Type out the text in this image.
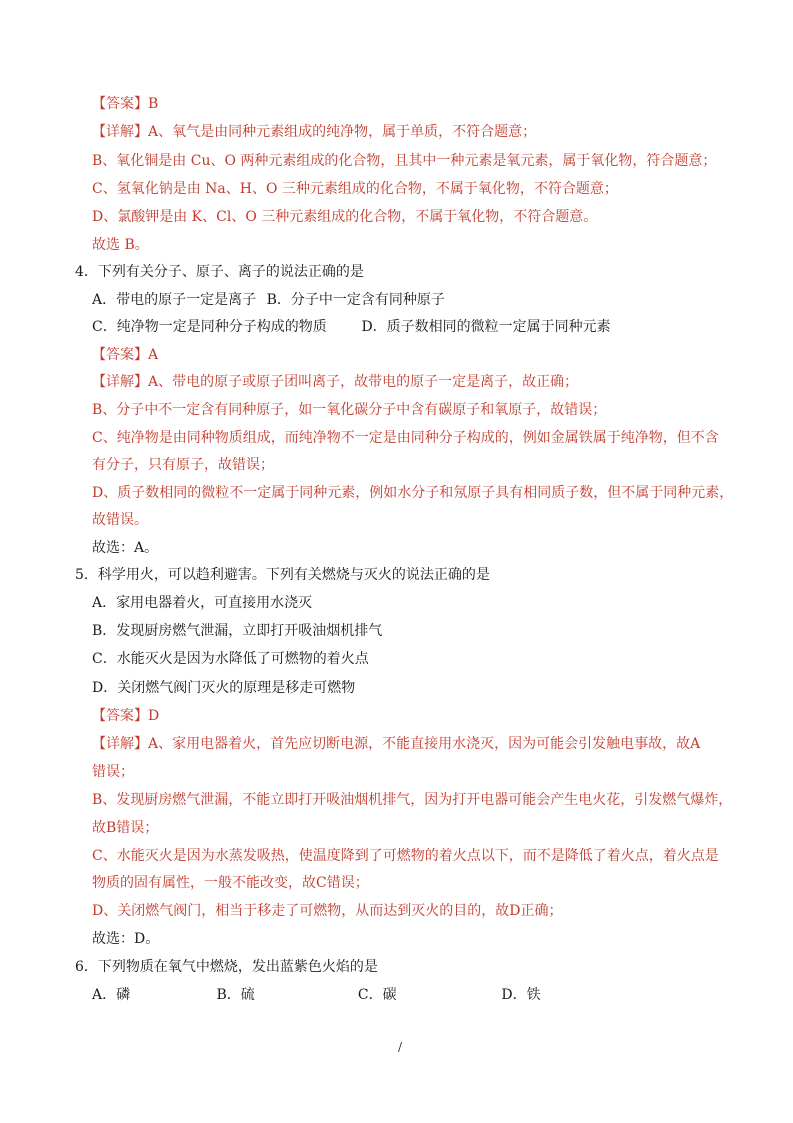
【答案】B
【详解】A、氧气是由同种元素组成的纯净物，属于单质，不符合题意；
B、氧化铜是由 Cu、O 两种元素组成的化合物，且其中一种元素是氧元素，属于氧化物，符合题意；
C、氢氧化钠是由 Na、H、O 三种元素组成的化合物，不属于氧化物，不符合题意；
D、氯酸钾是由 K、Cl、O 三种元素组成的化合物，不属于氧化物，不符合题意。
故选 B。
4．下列有关分子、原子、离子的说法正确的是
A．带电的原子一定是离子 B．分子中一定含有同种原子
C．纯净物一定是同种分子构成的物质 D．质子数相同的微粒一定属于同种元素
【答案】A
【详解】A、带电的原子或原子团叫离子，故带电的原子一定是离子，故正确；
B、分子中不一定含有同种原子，如一氧化碳分子中含有碳原子和氧原子，故错误；
C、纯净物是由同种物质组成，而纯净物不一定是由同种分子构成的，例如金属铁属于纯净物，但不含
有分子，只有原子，故错误；
D、质子数相同的微粒不一定属于同种元素，例如水分子和氖原子具有相同质子数，但不属于同种元素，
故错误。
故选：A。
5．科学用火，可以趋利避害。下列有关燃烧与灭火的说法正确的是
A．家用电器着火，可直接用水浇灭
B．发现厨房燃气泄漏，立即打开吸油烟机排气
C．水能灭火是因为水降低了可燃物的着火点
D．关闭燃气阀门灭火的原理是移走可燃物
【答案】D
【详解】A、家用电器着火，首先应切断电源，不能直接用水浇灭，因为可能会引发触电事故，故A
错误；
B、发现厨房燃气泄漏，不能立即打开吸油烟机排气，因为打开电器可能会产生电火花，引发燃气爆炸，
故B错误；
C、水能灭火是因为水蒸发吸热，使温度降到了可燃物的着火点以下，而不是降低了着火点，着火点是
物质的固有属性，一般不能改变，故C错误；
D、关闭燃气阀门，相当于移走了可燃物，从而达到灭火的目的，故D正确；
故选：D。
6．下列物质在氧气中燃烧，发出蓝紫色火焰的是
A．磷	B．硫	C．碳	D．铁
/
